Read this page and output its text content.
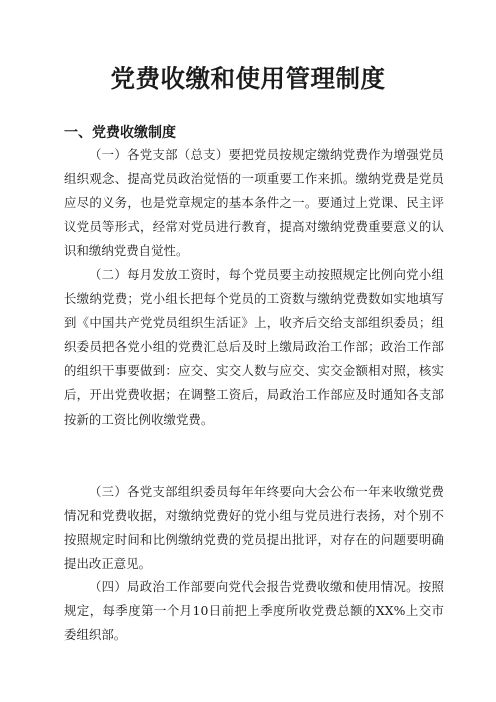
党费收缴和使用管理制度
一、党费收缴制度

（一）各党支部（总支）要把党员按规定缴纳党费作为增强党员组织观念、提高党员政治觉悟的一项重要工作来抓。缴纳党费是党员应尽的义务，也是党章规定的基本条件之一。要通过上党课、民主评议党员等形式，经常对党员进行教育，提高对缴纳党费重要意义的认识和缴纳党费自觉性。

（二）每月发放工资时，每个党员要主动按照规定比例向党小组长缴纳党费；党小组长把每个党员的工资数与缴纳党费数如实地填写到《中国共产党党员组织生活证》上，收齐后交给支部组织委员；组织委员把各党小组的党费汇总后及时上缴局政治工作部；政治工作部的组织干事要做到：应交、实交人数与应交、实交金额相对照，核实后，开出党费收据；在调整工资后，局政治工作部应及时通知各支部按新的工资比例收缴党费。

（三）各党支部组织委员每年年终要向大会公布一年来收缴党费情况和党费收据，对缴纳党费好的党小组与党员进行表扬，对个别不按照规定时间和比例缴纳党费的党员提出批评，对存在的问题要明确提出改正意见。

（四）局政治工作部要向党代会报告党费收缴和使用情况。按照规定，每季度第一个月10日前把上季度所收党费总额的XX%上交市委组织部。
